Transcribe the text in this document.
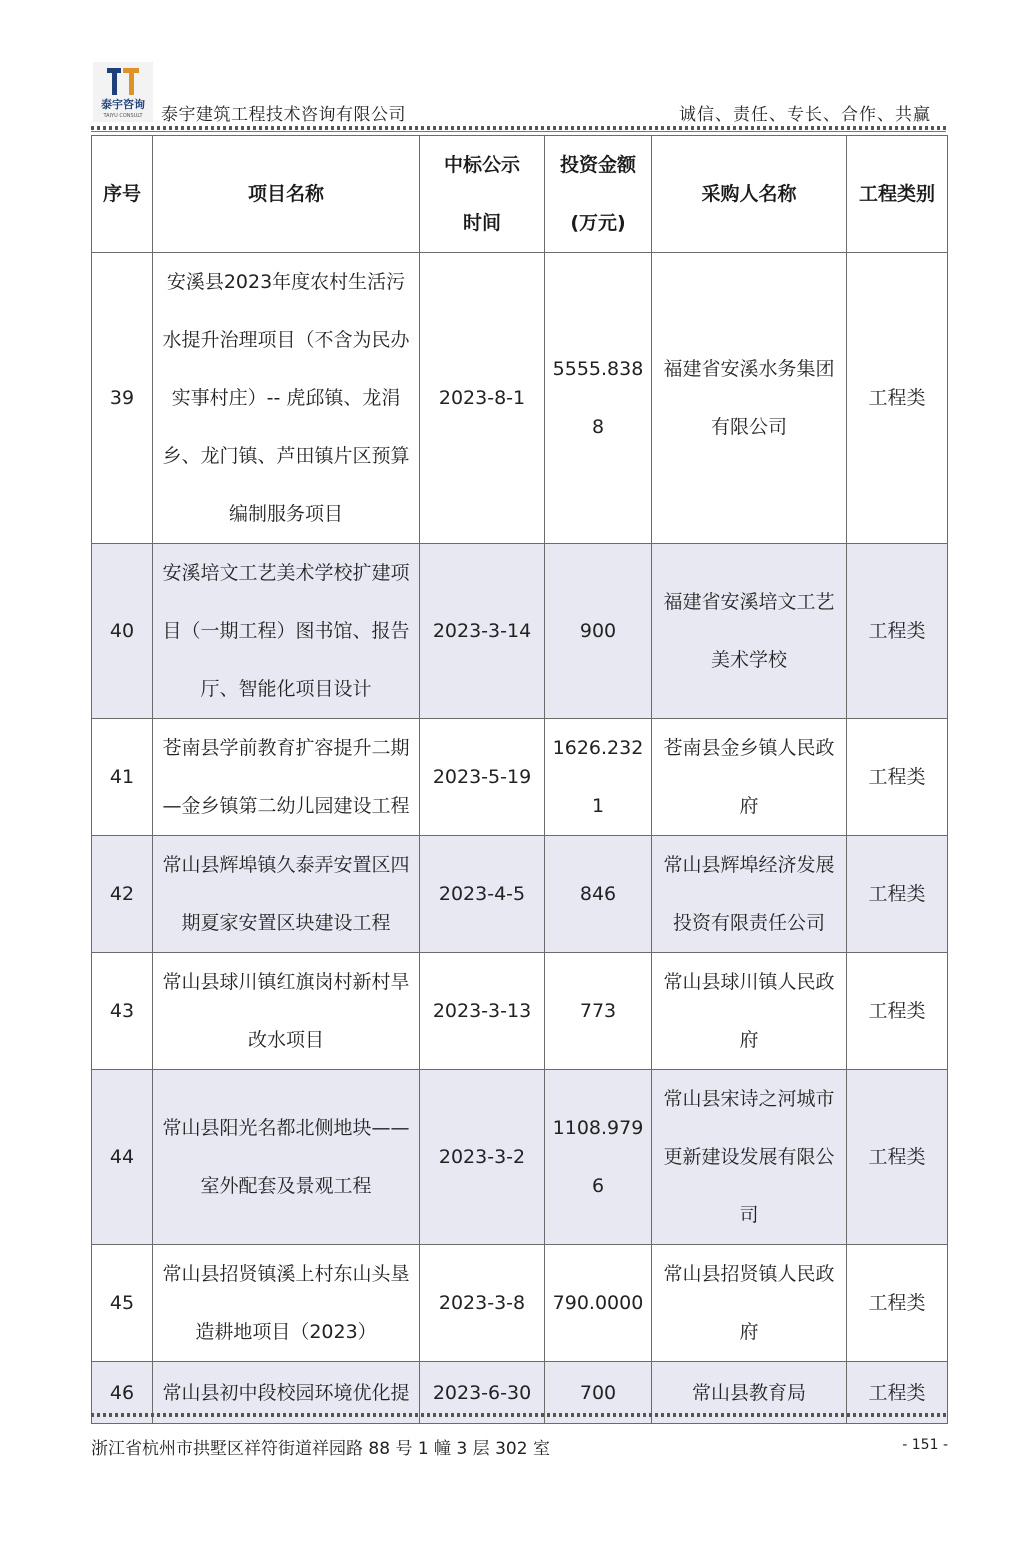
泰宇咨询
TAIYU CONSULT 泰宇建筑工程技术咨询有限公司	诚信、责任、专长、合作、共赢
序号	项目名称	中标公示时间	投资金额(万元)	采购人名称	工程类别
39	安溪县2023年度农村生活污水提升治理项目（不含为民办实事村庄）-- 虎邱镇、龙涓乡、龙门镇、芦田镇片区预算编制服务项目	2023-8-1	5555.8388	福建省安溪水务集团有限公司	工程类
40	安溪培文工艺美术学校扩建项目（一期工程）图书馆、报告厅、智能化项目设计	2023-3-14	900	福建省安溪培文工艺美术学校	工程类
41	苍南县学前教育扩容提升二期—金乡镇第二幼儿园建设工程	2023-5-19	1626.2321	苍南县金乡镇人民政府	工程类
42	常山县辉埠镇久泰弄安置区四期夏家安置区块建设工程	2023-4-5	846	常山县辉埠经济发展投资有限责任公司	工程类
43	常山县球川镇红旗岗村新村旱改水项目	2023-3-13	773	常山县球川镇人民政府	工程类
44	常山县阳光名都北侧地块——室外配套及景观工程	2023-3-2	1108.9796	常山县宋诗之河城市更新建设发展有限公司	工程类
45	常山县招贤镇溪上村东山头垦造耕地项目（2023）	2023-3-8	790.0000	常山县招贤镇人民政府	工程类
46	常山县初中段校园环境优化提	2023-6-30	700	常山县教育局	工程类
浙江省杭州市拱墅区祥符街道祥园路 88 号 1 幢 3 层 302 室	- 151 -
